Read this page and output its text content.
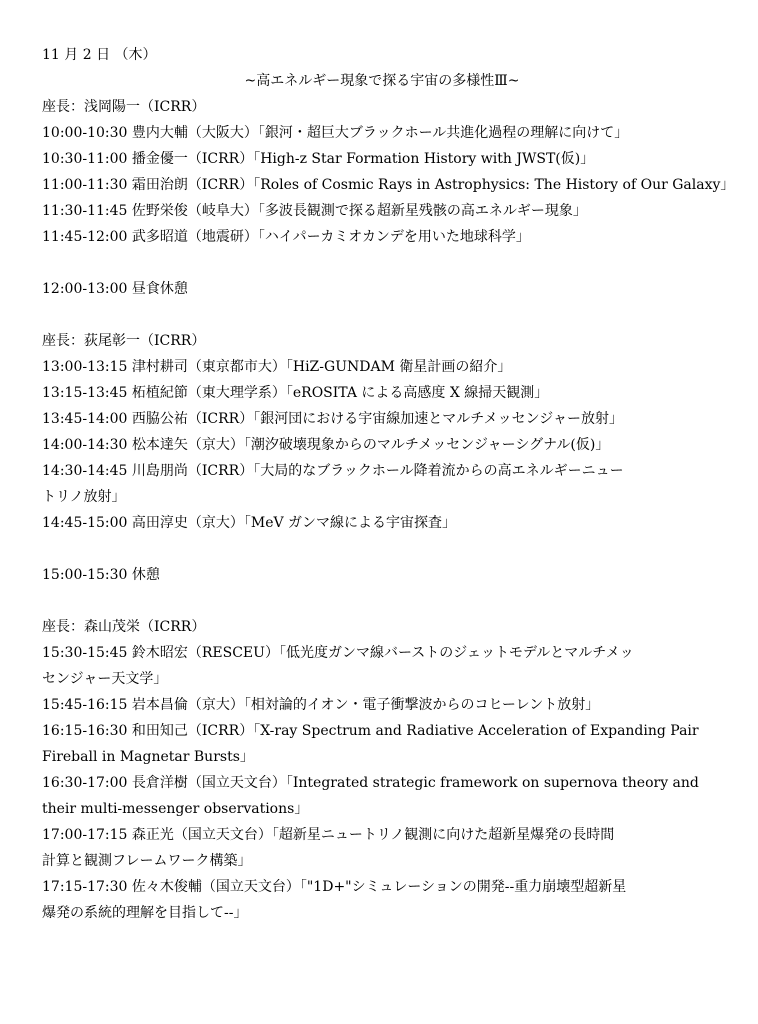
11 月 2 日 （木）
~高エネルギー現象で探る宇宙の多様性Ⅲ~
座長：浅岡陽一（ICRR）
10:00-10:30 豊内大輔（大阪大）「銀河・超巨大ブラックホール共進化過程の理解に向けて」
10:30-11:00 播金優一（ICRR）「High-z Star Formation History with JWST(仮)」
11:00-11:30 霜田治朗（ICRR）「Roles of Cosmic Rays in Astrophysics: The History of Our Galaxy」
11:30-11:45 佐野栄俊（岐阜大）「多波長観測で探る超新星残骸の高エネルギー現象」
11:45-12:00 武多昭道（地震研）「ハイパーカミオカンデを用いた地球科学」
12:00-13:00 昼食休憩
座長：荻尾彰一（ICRR）
13:00-13:15 津村耕司（東京都市大）「HiZ-GUNDAM 衛星計画の紹介」
13:15-13:45 柘植紀節（東大理学系）「eROSITA による高感度 X 線掃天観測」
13:45-14:00 西脇公祐（ICRR）「銀河団における宇宙線加速とマルチメッセンジャー放射」
14:00-14:30 松本達矢（京大）「潮汐破壊現象からのマルチメッセンジャーシグナル(仮)」
14:30-14:45 川島朋尚（ICRR）「大局的なブラックホール降着流からの高エネルギーニュー
トリノ放射」
14:45-15:00 高田淳史（京大）「MeV ガンマ線による宇宙探査」
15:00-15:30 休憩
座長：森山茂栄（ICRR）
15:30-15:45 鈴木昭宏（RESCEU）「低光度ガンマ線バーストのジェットモデルとマルチメッ
センジャー天文学」
15:45-16:15 岩本昌倫（京大）「相対論的イオン・電子衝撃波からのコヒーレント放射」
16:15-16:30 和田知己（ICRR）「X-ray Spectrum and Radiative Acceleration of Expanding Pair
Fireball in Magnetar Bursts」
16:30-17:00 長倉洋樹（国立天文台）「Integrated strategic framework on supernova theory and
their multi-messenger observations」
17:00-17:15 森正光（国立天文台）「超新星ニュートリノ観測に向けた超新星爆発の長時間
計算と観測フレームワーク構築」
17:15-17:30 佐々木俊輔（国立天文台）「"1D+"シミュレーションの開発--重力崩壊型超新星
爆発の系統的理解を目指して--」
